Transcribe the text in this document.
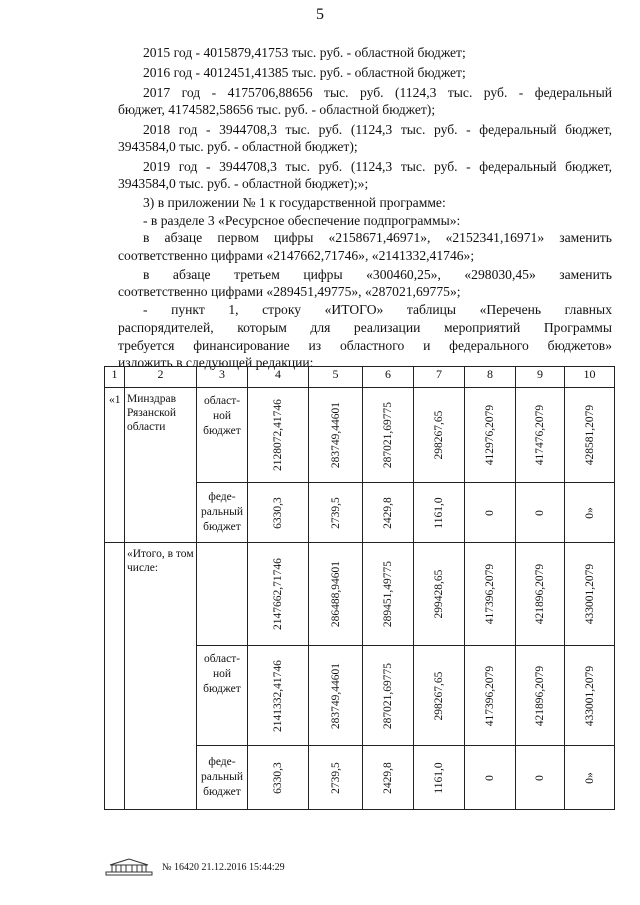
5
2015 год - 4015879,41753 тыс. руб. - областной бюджет;
2016 год - 4012451,41385 тыс. руб. - областной бюджет;
2017 год - 4175706,88656 тыс. руб. (1124,3 тыс. руб. - федеральный
бюджет, 4174582,58656 тыс. руб. - областной бюджет);
2018 год - 3944708,3 тыс. руб. (1124,3 тыс. руб. - федеральный бюджет,
3943584,0 тыс. руб. - областной бюджет);
2019 год - 3944708,3 тыс. руб. (1124,3 тыс. руб. - федеральный бюджет,
3943584,0 тыс. руб. - областной бюджет);»;
3) в приложении № 1 к государственной программе:
- в разделе 3 «Ресурсное обеспечение подпрограммы»:
в абзаце первом цифры «2158671,46971», «2152341,16971» заменить
соответственно цифрами «2147662,71746», «2141332,41746»;
в абзаце третьем цифры «300460,25», «298030,45» заменить
соответственно цифрами «289451,49775», «287021,69775»;
- пункт 1, строку «ИТОГО» таблицы «Перечень главных
распорядителей, которым для реализации мероприятий Программы
требуется финансирование из областного и федерального бюджетов»
изложить в следующей редакции:
1	2	3	4	5	6	7	8	9	10
«1	Минздрав Рязанской области	област-ной бюджет	2128072,41746	283749,44601	287021,69775	298267,65	412976,2079	417476,2079	428581,2079

		феде-ральный бюджет	6330,3	2739,5	2429,8	1161,0	0	0	0»

	«Итого, в том числе:		2147662,71746	286488,94601	289451,49775	299428,65	417396,2079	421896,2079	433001,2079

		област-ной бюджет	2141332,41746	283749,44601	287021,69775	298267,65	417396,2079	421896,2079	433001,2079

		феде-ральный бюджет	6330,3	2739,5	2429,8	1161,0	0	0	0»
№ 16420 21.12.2016 15:44:29
